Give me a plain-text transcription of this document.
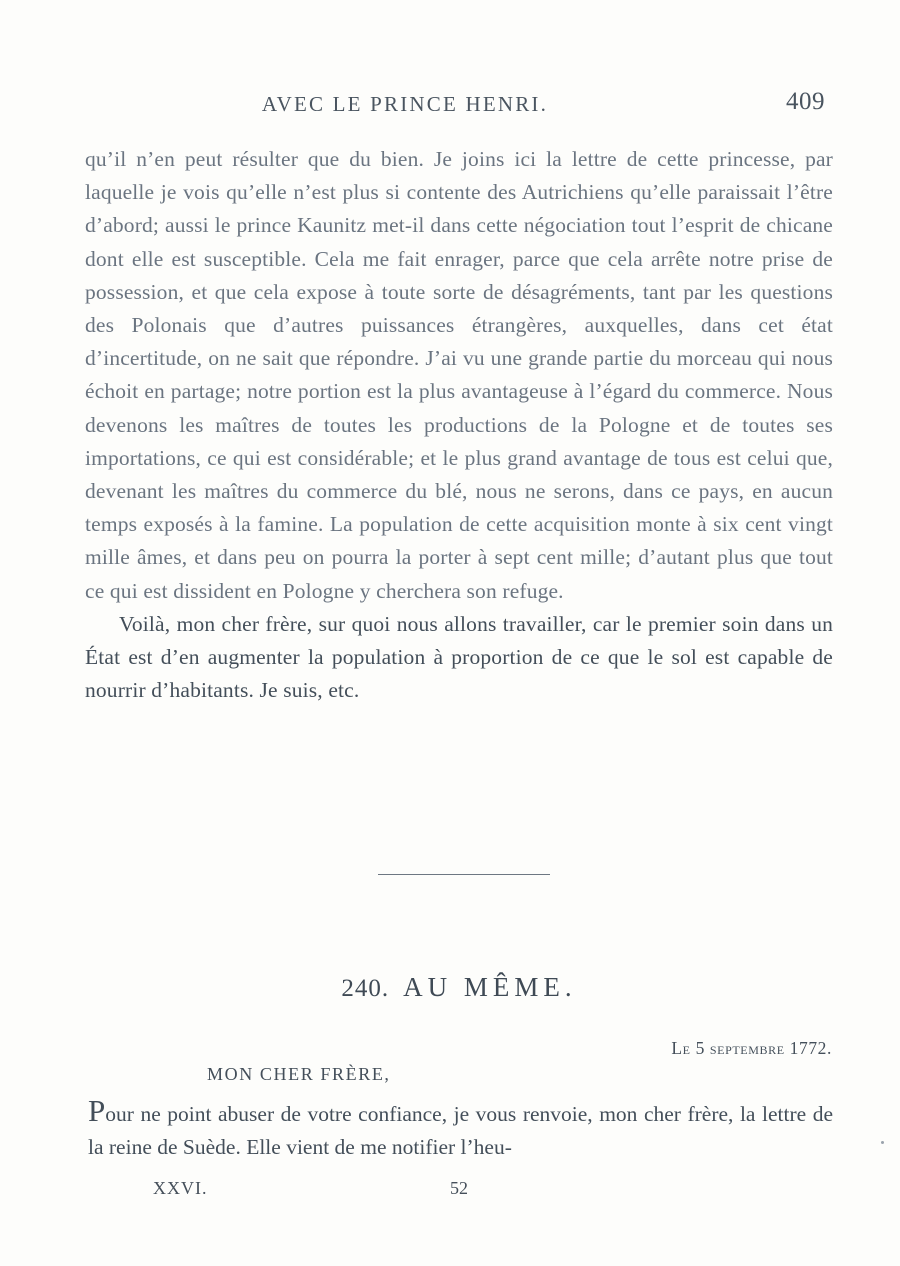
AVEC LE PRINCE HENRI.	409

qu’il n’en peut résulter que du bien. Je joins ici la lettre de cette princesse, par laquelle je vois qu’elle n’est plus si contente des Autrichiens qu’elle paraissait l’être d’abord; aussi le prince Kaunitz met-il dans cette négociation tout l’esprit de chicane dont elle est susceptible. Cela me fait enrager, parce que cela arrête notre prise de possession, et que cela expose à toute sorte de désagréments, tant par les questions des Polonais que d’autres puissances étrangères, auxquelles, dans cet état d’incertitude, on ne sait que répondre. J’ai vu une grande partie du morceau qui nous échoit en partage; notre portion est la plus avantageuse à l’égard du commerce. Nous devenons les maîtres de toutes les productions de la Pologne et de toutes ses importations, ce qui est considérable; et le plus grand avantage de tous est celui que, devenant les maîtres du commerce du blé, nous ne serons, dans ce pays, en aucun temps exposés à la famine. La population de cette acquisition monte à six cent vingt mille âmes, et dans peu on pourra la porter à sept cent mille; d’autant plus que tout ce qui est dissident en Pologne y cherchera son refuge.

Voilà, mon cher frère, sur quoi nous allons travailler, car le premier soin dans un État est d’en augmenter la population à proportion de ce que le sol est capable de nourrir d’habitants. Je suis, etc.

240. AU MÊME.
Le 5 septembre 1772.
MON CHER FRÈRE,
Pour ne point abuser de votre confiance, je vous renvoie, mon cher frère, la lettre de la reine de Suède. Elle vient de me notifier l’heu-
XXVI.	52
